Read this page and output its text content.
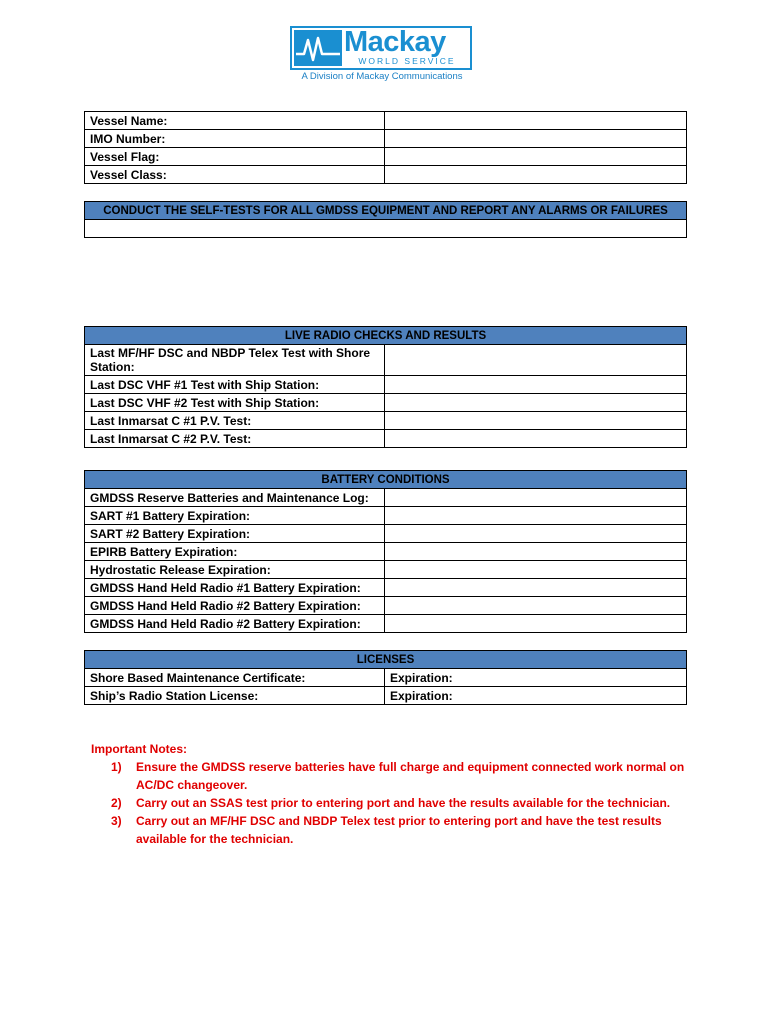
Mackay
WORLD SERVICE
A Division of Mackay Communications
Vessel Name:	
IMO Number:	
Vessel Flag:	
Vessel Class:	
CONDUCT THE SELF-TESTS FOR ALL GMDSS EQUIPMENT AND REPORT ANY ALARMS OR FAILURES

LIVE RADIO CHECKS AND RESULTS	
Last MF/HF DSC and NBDP Telex Test with Shore Station:	
Last DSC VHF #1 Test with Ship Station:	
Last DSC VHF #2 Test with Ship Station:	
Last Inmarsat C #1 P.V. Test:	
Last Inmarsat C #2 P.V. Test:	
BATTERY CONDITIONS	
GMDSS Reserve Batteries and Maintenance Log:	
SART #1 Battery Expiration:	
SART #2 Battery Expiration:	
EPIRB Battery Expiration:	
Hydrostatic Release Expiration:	
GMDSS Hand Held Radio #1 Battery Expiration:	
GMDSS Hand Held Radio #2 Battery Expiration:	
GMDSS Hand Held Radio #2 Battery Expiration:	
LICENSES	
Shore Based Maintenance Certificate:	Expiration:
Ship’s Radio Station License:	Expiration:

Important Notes:

1) Ensure the GMDSS reserve batteries have full charge and equipment connected work normal on AC/DC changeover.
2) Carry out an SSAS test prior to entering port and have the results available for the technician.
3) Carry out an MF/HF DSC and NBDP Telex test prior to entering port and have the test results available for the technician.
